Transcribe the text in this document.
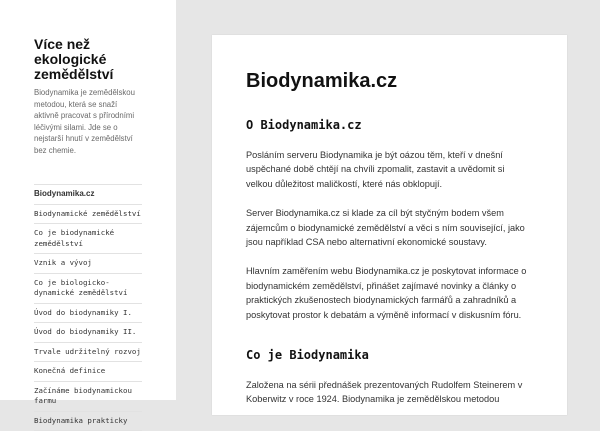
Více než ekologické zemědělství

Biodynamika je zemědělskou metodou, která se snaží aktivně pracovat s přírodními léčivými silami. Jde se o nejstarší hnutí v zemědělství bez chemie.

Biodynamika.cz
Biodynamické zemědělství
Co je biodynamické zemědělství
Vznik a vývoj
Co je biologicko-dynamické zemědělství
Úvod do biodynamiky I.
Úvod do biodynamiky II.
Trvale udržitelný rozvoj
Konečná definice
Začínáme biodynamickou farmu
Biodynamika prakticky
Biodynamika.cz
O Biodynamika.cz

Posláním serveru Biodynamika je být oázou těm, kteří v dnešní uspěchané době chtějí na chvíli zpomalit, zastavit a uvědomit si velkou důležitost maličkostí, které nás obklopují.

Server Biodynamika.cz si klade za cíl být styčným bodem všem zájemcům o biodynamické zemědělství a věci s ním související, jako jsou například CSA nebo alternativní ekonomické soustavy.

Hlavním zaměřením webu Biodynamika.cz je poskytovat informace o biodynamickém zemědělství, přinášet zajímavé novinky a články o praktických zkušenostech biodynamických farmářů a zahradníků a poskytovat prostor k debatám a výměně informací v diskusním fóru.

Co je Biodynamika

Založena na sérii přednášek prezentovaných Rudolfem Steinerem v Koberwitz v roce 1924. Biodynamika je zemědělskou metodou
